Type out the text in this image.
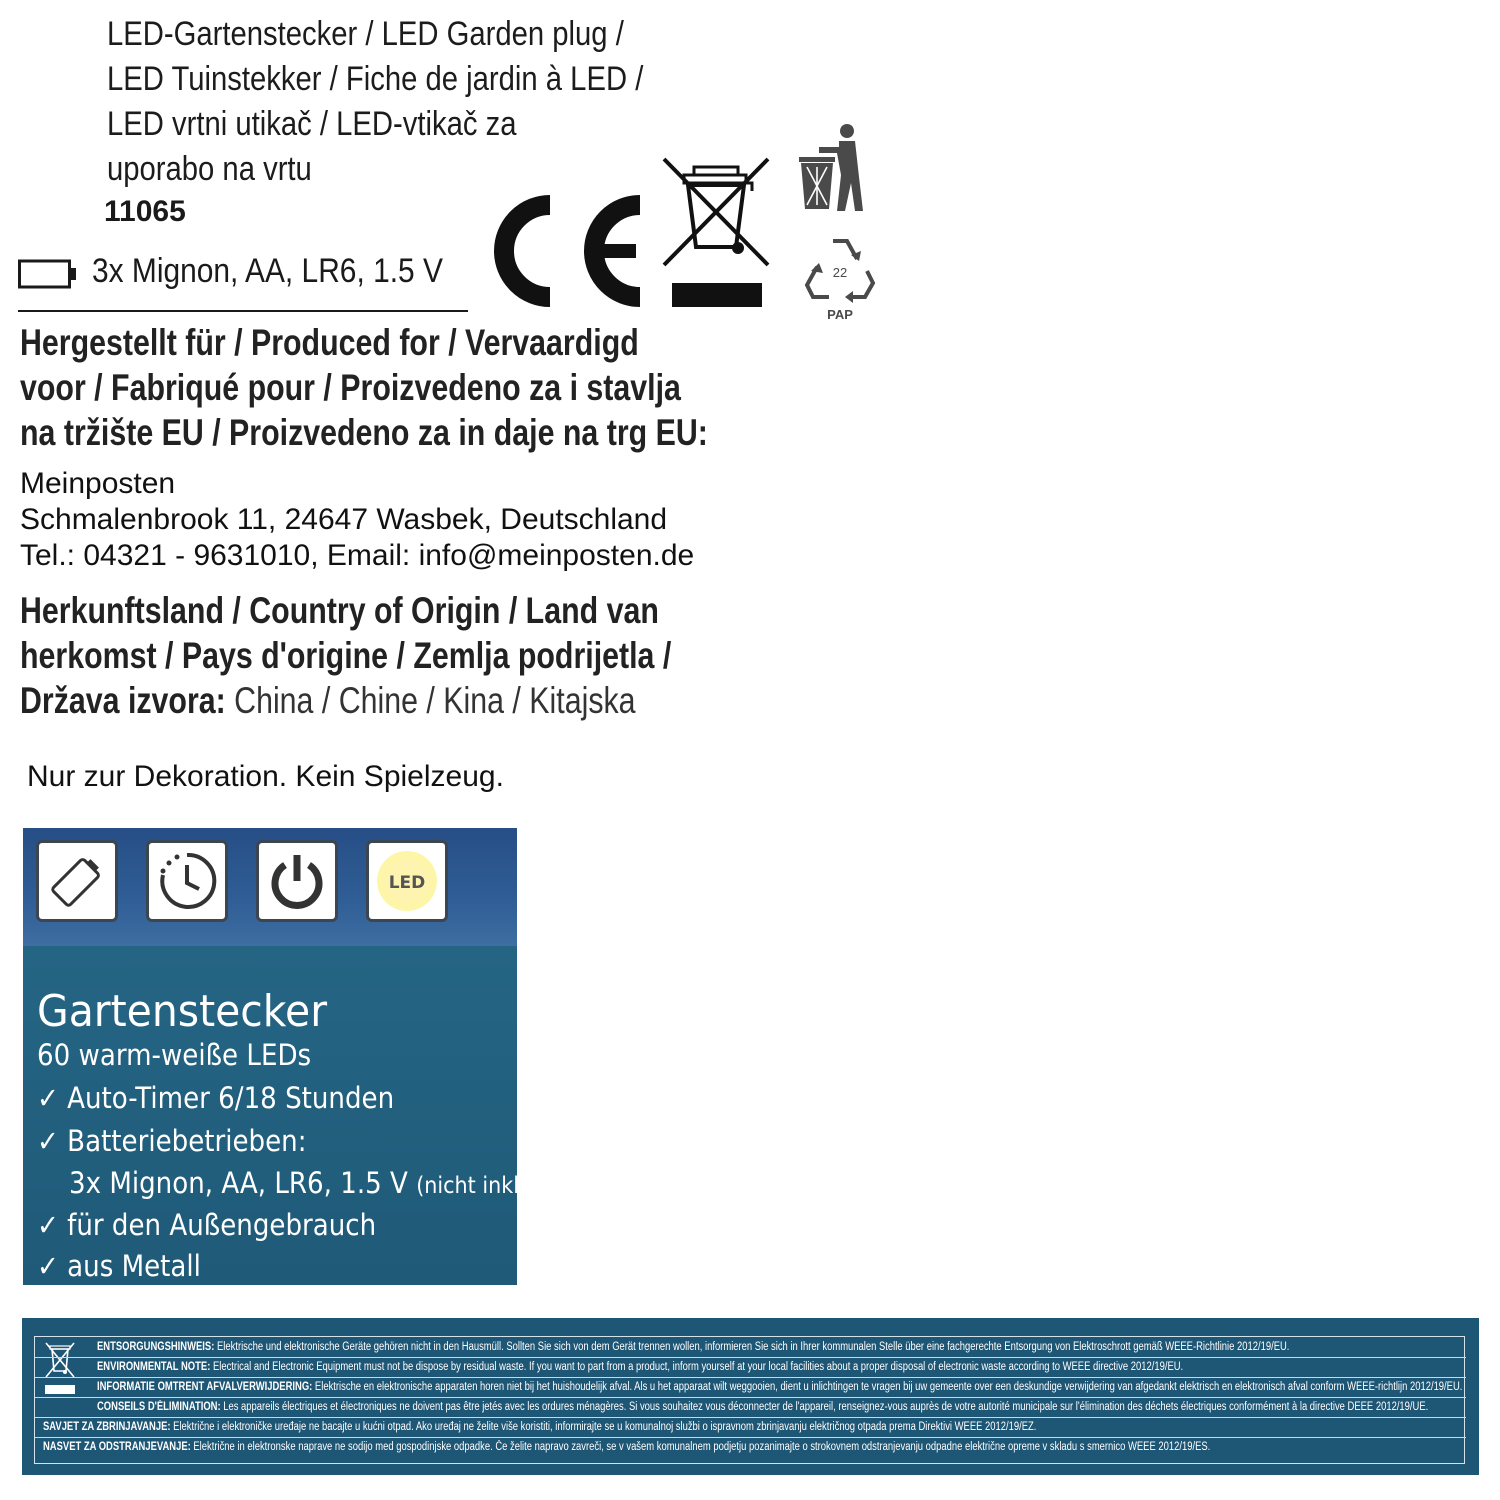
LED-Gartenstecker / LED Garden plug /
LED Tuinstekker / Fiche de jardin à LED /
LED vrtni utikač / LED-vtikač za
uporabo na vrtu
11065
3x Mignon, AA, LR6, 1.5 V	22
PAP
Hergestellt für / Produced for / Vervaardigd
voor / Fabriqué pour / Proizvedeno za i stavlja
na tržište EU / Proizvedeno za in daje na trg EU:
Meinposten
Schmalenbrook 11, 24647 Wasbek, Deutschland
Tel.: 04321 - 9631010, Email: info@meinposten.de
Herkunftsland / Country of Origin / Land van
herkomst / Pays d'origine / Zemlja podrijetla /
Država izvora: China / Chine / Kina / Kitajska
Nur zur Dekoration. Kein Spielzeug.
LED
Gartenstecker
60 warm-weiße LEDs
✓ Auto-Timer 6/18 Stunden
✓ Batteriebetrieben:
3x Mignon, AA, LR6, 1.5 V (nicht inkl.)
✓ für den Außengebrauch
✓ aus Metall
ENTSORGUNGSHINWEIS: Elektrische und elektronische Geräte gehören nicht in den Hausmüll. Sollten Sie sich von dem Gerät trennen wollen, informieren Sie sich in Ihrer kommunalen Stelle über eine fachgerechte Entsorgung von Elektroschrott gemäß WEEE-Richtlinie 2012/19/EU.
ENVIRONMENTAL NOTE: Electrical and Electronic Equipment must not be dispose by residual waste. If you want to part from a product, inform yourself at your local facilities about a proper disposal of electronic waste according to WEEE directive 2012/19/EU.
INFORMATIE OMTRENT AFVALVERWIJDERING: Elektrische en elektronische apparaten horen niet bij het huishoudelijk afval. Als u het apparaat wilt weggooien, dient u inlichtingen te vragen bij uw gemeente over een deskundige verwijdering van afgedankt elektrisch en elektronisch afval conform WEEE-richtlijn 2012/19/EU.
CONSEILS D'ÉLIMINATION: Les appareils électriques et électroniques ne doivent pas être jetés avec les ordures ménagères. Si vous souhaitez vous déconnecter de l'appareil, renseignez-vous auprès de votre autorité municipale sur l'élimination des déchets électriques conformément à la directive DEEE 2012/19/UE.
SAVJET ZA ZBRINJAVANJE: Električne i elektroničke uređaje ne bacajte u kućni otpad. Ako uređaj ne želite više koristiti, informirajte se u komunalnoj službi o ispravnom zbrinjavanju električnog otpada prema Direktivi WEEE 2012/19/EZ.
NASVET ZA ODSTRANJEVANJE: Električne in elektronske naprave ne sodijo med gospodinjske odpadke. Če želite napravo zavreči, se v vašem komunalnem podjetju pozanimajte o strokovnem odstranjevanju odpadne električne opreme v skladu s smernico WEEE 2012/19/ES.
